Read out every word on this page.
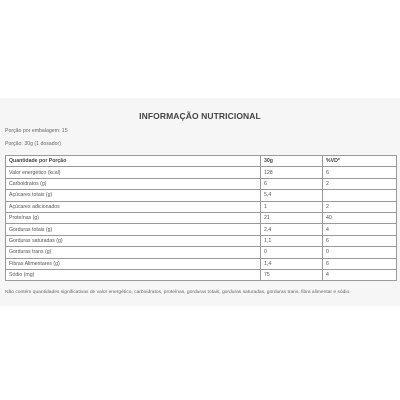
INFORMAÇÃO NUTRICIONAL
Porção por embalagem: 15
Porção: 30g (1 dosador)
Quantidade por Porção	30g	%VD*
Valor energético (kcal)	128	6
Carboidratos (g)	6	2
Açúcares totais (g)	5,4	
Açúcares adicionados	1	2
Proteínas (g)	21	40
Gorduras totais (g)	2,4	4
Gorduras saturadas (g)	1,1	6
Gorduras trans (g)	0	0
Fibras Alimentares (g)	1,4	6
Sódio (mg)	75	4
Não contém quantidades significativas de valor energético, carboidratos, proteínas, gorduras totais, gorduras saturadas, gorduras trans, fibra alimentar e sódio.
